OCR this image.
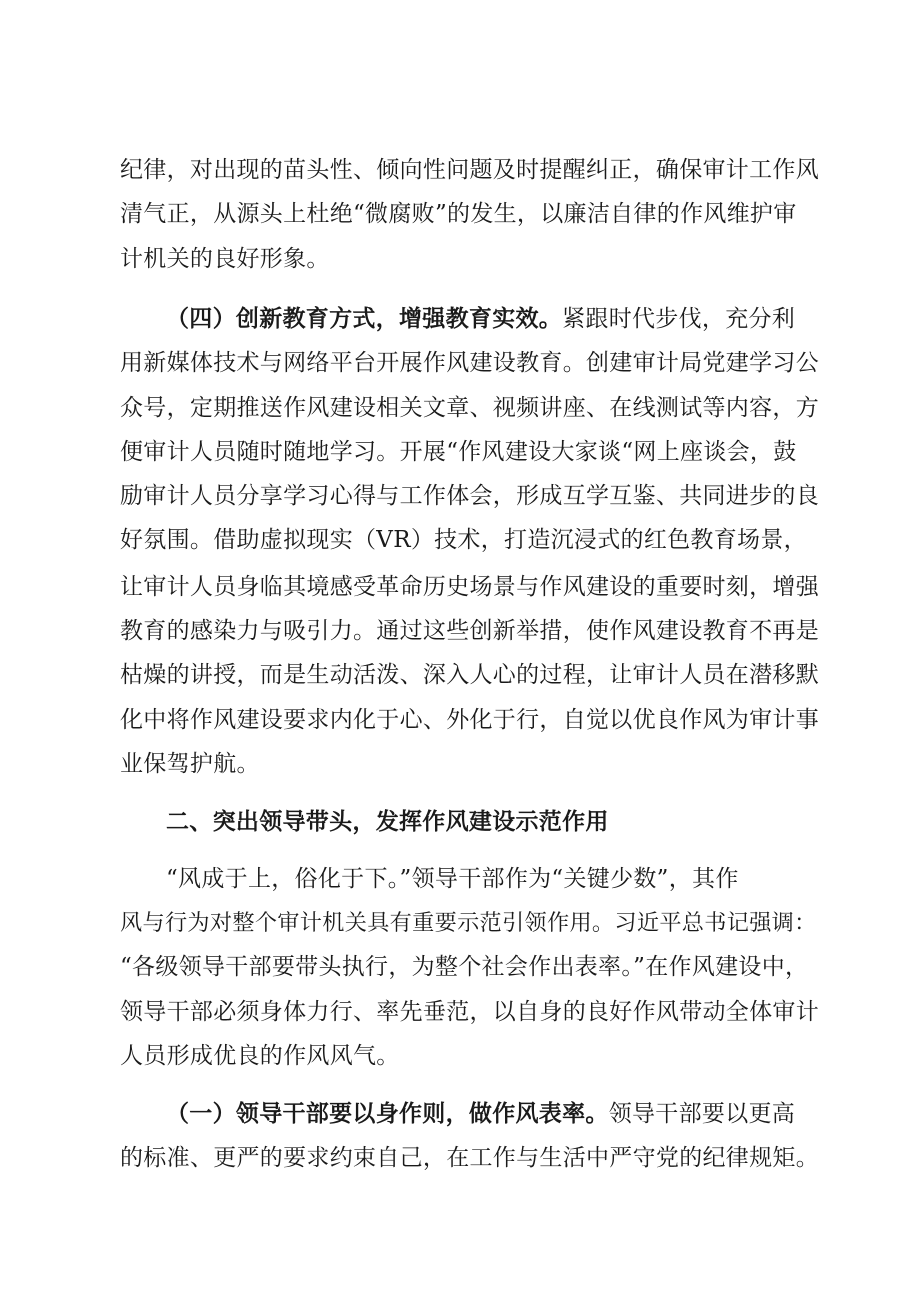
纪律，对出现的苗头性、倾向性问题及时提醒纠正，确保审计工作风
清气正，从源头上杜绝“微腐败”的发生，以廉洁自律的作风维护审
计机关的良好形象。
（四）创新教育方式，增强教育实效。紧跟时代步伐，充分利
用新媒体技术与网络平台开展作风建设教育。创建审计局党建学习公
众号，定期推送作风建设相关文章、视频讲座、在线测试等内容，方
便审计人员随时随地学习。开展“作风建设大家谈“网上座谈会，鼓
励审计人员分享学习心得与工作体会，形成互学互鉴、共同进步的良
好氛围。借助虚拟现实（VR）技术，打造沉浸式的红色教育场景，
让审计人员身临其境感受革命历史场景与作风建设的重要时刻，增强
教育的感染力与吸引力。通过这些创新举措，使作风建设教育不再是
枯燥的讲授，而是生动活泼、深入人心的过程，让审计人员在潜移默
化中将作风建设要求内化于心、外化于行，自觉以优良作风为审计事
业保驾护航。
二、突出领导带头，发挥作风建设示范作用
“风成于上，俗化于下。”领导干部作为“关键少数”，其作
风与行为对整个审计机关具有重要示范引领作用。习近平总书记强调：
“各级领导干部要带头执行，为整个社会作出表率。”在作风建设中，
领导干部必须身体力行、率先垂范，以自身的良好作风带动全体审计
人员形成优良的作风风气。
（一）领导干部要以身作则，做作风表率。领导干部要以更高
的标准、更严的要求约束自己，在工作与生活中严守党的纪律规矩。
